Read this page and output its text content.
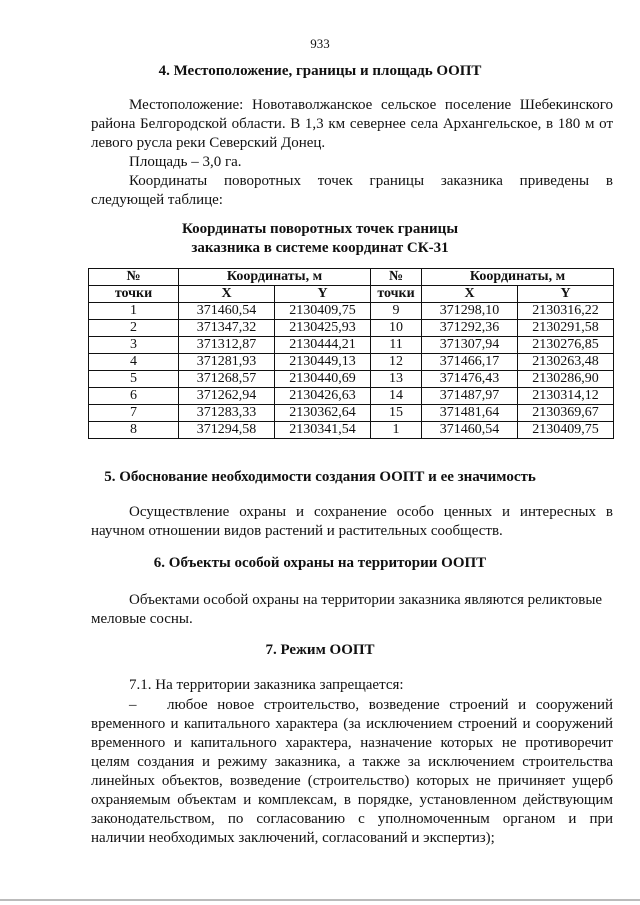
933
4. Местоположение, границы и площадь ООПТ
Местоположение: Новотаволжанское сельское поселение Шебекинского
района Белгородской области. В 1,3 км севернее села Архангельское, в 180 м от
левого русла реки Северский Донец.
Площадь – 3,0 га.
Координаты поворотных точек границы заказника приведены в
следующей таблице:
Координаты поворотных точек границы
заказника в системе координат СК-31
№	Координаты, м		№	Координаты, м	
точки	X	Y	точки	X	Y
1	371460,54	2130409,75	9	371298,10	2130316,22
2	371347,32	2130425,93	10	371292,36	2130291,58
3	371312,87	2130444,21	11	371307,94	2130276,85
4	371281,93	2130449,13	12	371466,17	2130263,48
5	371268,57	2130440,69	13	371476,43	2130286,90
6	371262,94	2130426,63	14	371487,97	2130314,12
7	371283,33	2130362,64	15	371481,64	2130369,67
8	371294,58	2130341,54	1	371460,54	2130409,75
5. Обоснование необходимости создания ООПТ и ее значимость
Осуществление охраны и сохранение особо ценных и интересных в
научном отношении видов растений и растительных сообществ.
6. Объекты особой охраны на территории ООПТ
Объектами особой охраны на территории заказника являются реликтовые
меловые сосны.
7. Режим ООПТ
7.1. На территории заказника запрещается:
– любое новое строительство, возведение строений и сооружений
временного и капитального характера (за исключением строений и сооружений
временного и капитального характера, назначение которых не противоречит
целям создания и режиму заказника, а также за исключением строительства
линейных объектов, возведение (строительство) которых не причиняет ущерб
охраняемым объектам и комплексам, в порядке, установленном действующим
законодательством, по согласованию с уполномоченным органом и при
наличии необходимых заключений, согласований и экспертиз);
